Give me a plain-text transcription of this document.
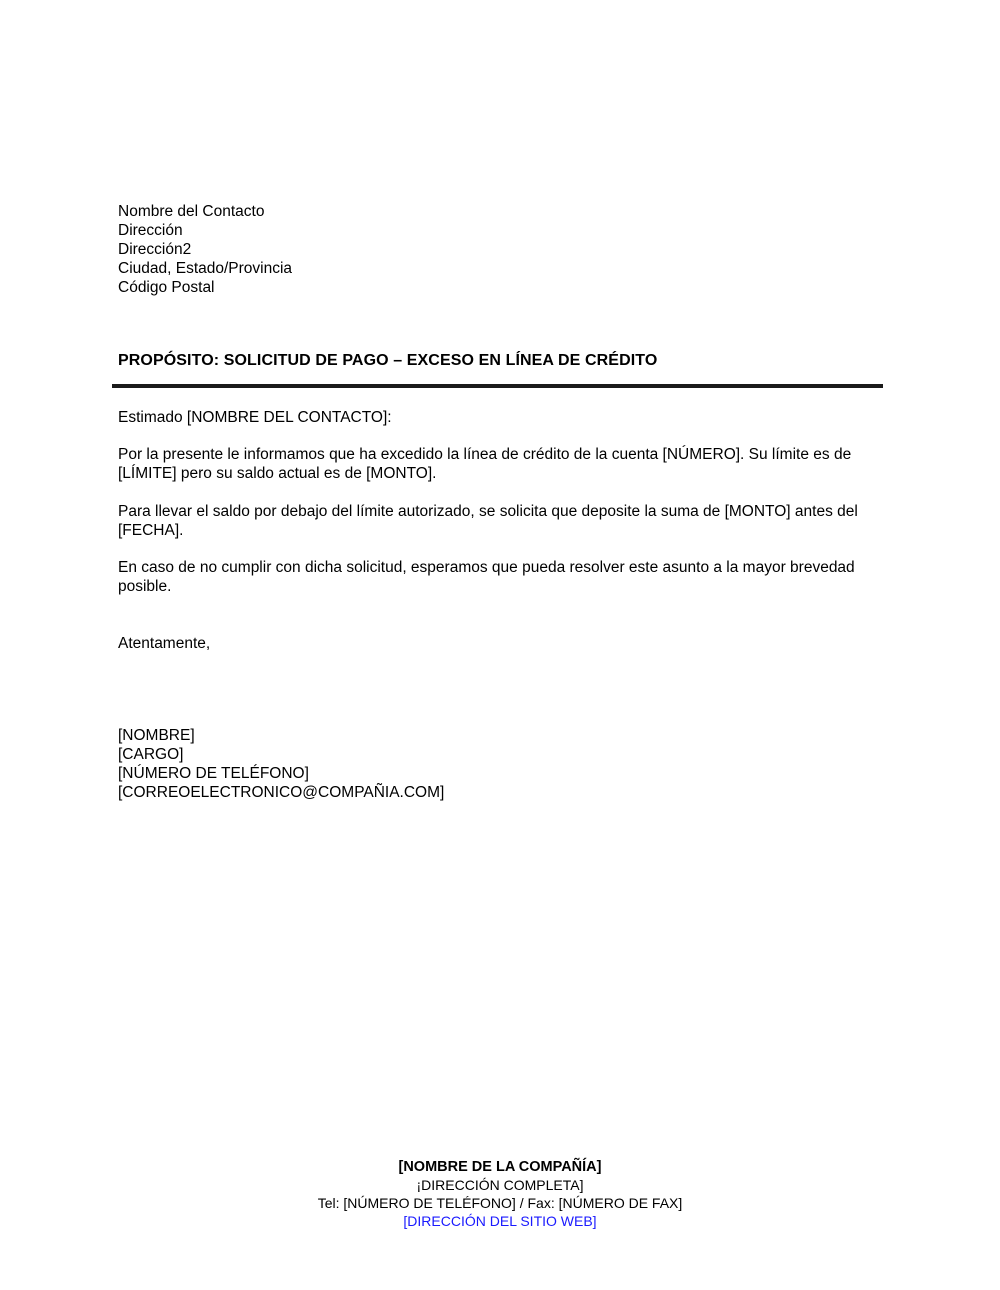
Nombre del Contacto
Dirección
Dirección2
Ciudad, Estado/Provincia
Código Postal
PROPÓSITO: SOLICITUD DE PAGO – EXCESO EN LÍNEA DE CRÉDITO
Estimado [NOMBRE DEL CONTACTO]:
Por la presente le informamos que ha excedido la línea de crédito de la cuenta [NÚMERO]. Su límite es de [LÍMITE] pero su saldo actual es de [MONTO].
Para llevar el saldo por debajo del límite autorizado, se solicita que deposite la suma de [MONTO] antes del [FECHA].
En caso de no cumplir con dicha solicitud, esperamos que pueda resolver este asunto a la mayor brevedad posible.
Atentamente,
[NOMBRE]
[CARGO]
[NÚMERO DE TELÉFONO]
[CORREOELECTRONICO@COMPAÑIA.COM]
[NOMBRE DE LA COMPAÑÍA]
¡DIRECCIÓN COMPLETA]
Tel: [NÚMERO DE TELÉFONO] / Fax: [NÚMERO DE FAX]
[DIRECCIÓN DEL SITIO WEB]
